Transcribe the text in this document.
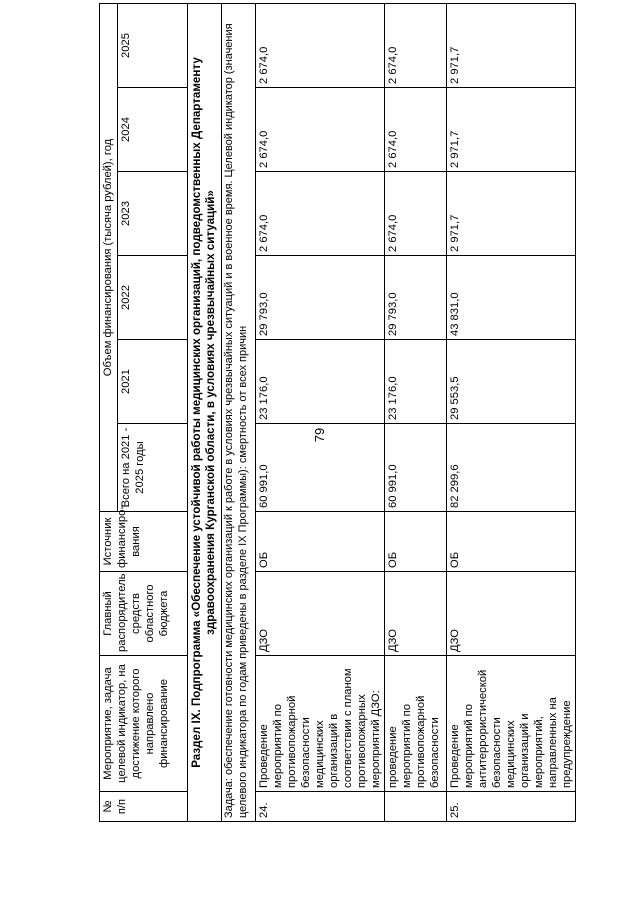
79
№ п/п	Мероприятие, задача целевой индикатор, на достижение которого направлено финансирование	Главный распорядитель средств областного бюджета	Источник финансиро-вания	Объем финансирования (тысяча рублей), год					
				Всего на 2021 - 2025 годы	2021	2022	2023	2024	2025
Раздел IX. Подпрограмма «Обеспечение устойчивой работы медицинских организаций, подведомственных Департаменту здравоохранения Курганской области, в условиях чрезвычайных ситуаций»									
Задача: обеспечение готовности медицинских организаций к работе в условиях чрезвычайных ситуаций и в военное время. Целевой индикатор (значения целевого индикатора по годам приведены в разделе IX Программы): смертность от всех причин									
24.	Проведение мероприятий по противопожарной безопасности медицинских организаций в соответствии с планом противопожарных мероприятий ДЗО:	ДЗО	ОБ	60 991,0	23 176,0	29 793,0	2 674,0	2 674,0	2 674,0
	проведение мероприятий по противопожарной безопасности	ДЗО	ОБ	60 991,0	23 176,0	29 793,0	2 674,0	2 674,0	2 674,0
25.	Проведение мероприятий по антитеррористической безопасности медицинских организаций и мероприятий, направленных на предупреждение	ДЗО	ОБ	82 299,6	29 553,5	43 831,0	2 971,7	2 971,7	2 971,7
